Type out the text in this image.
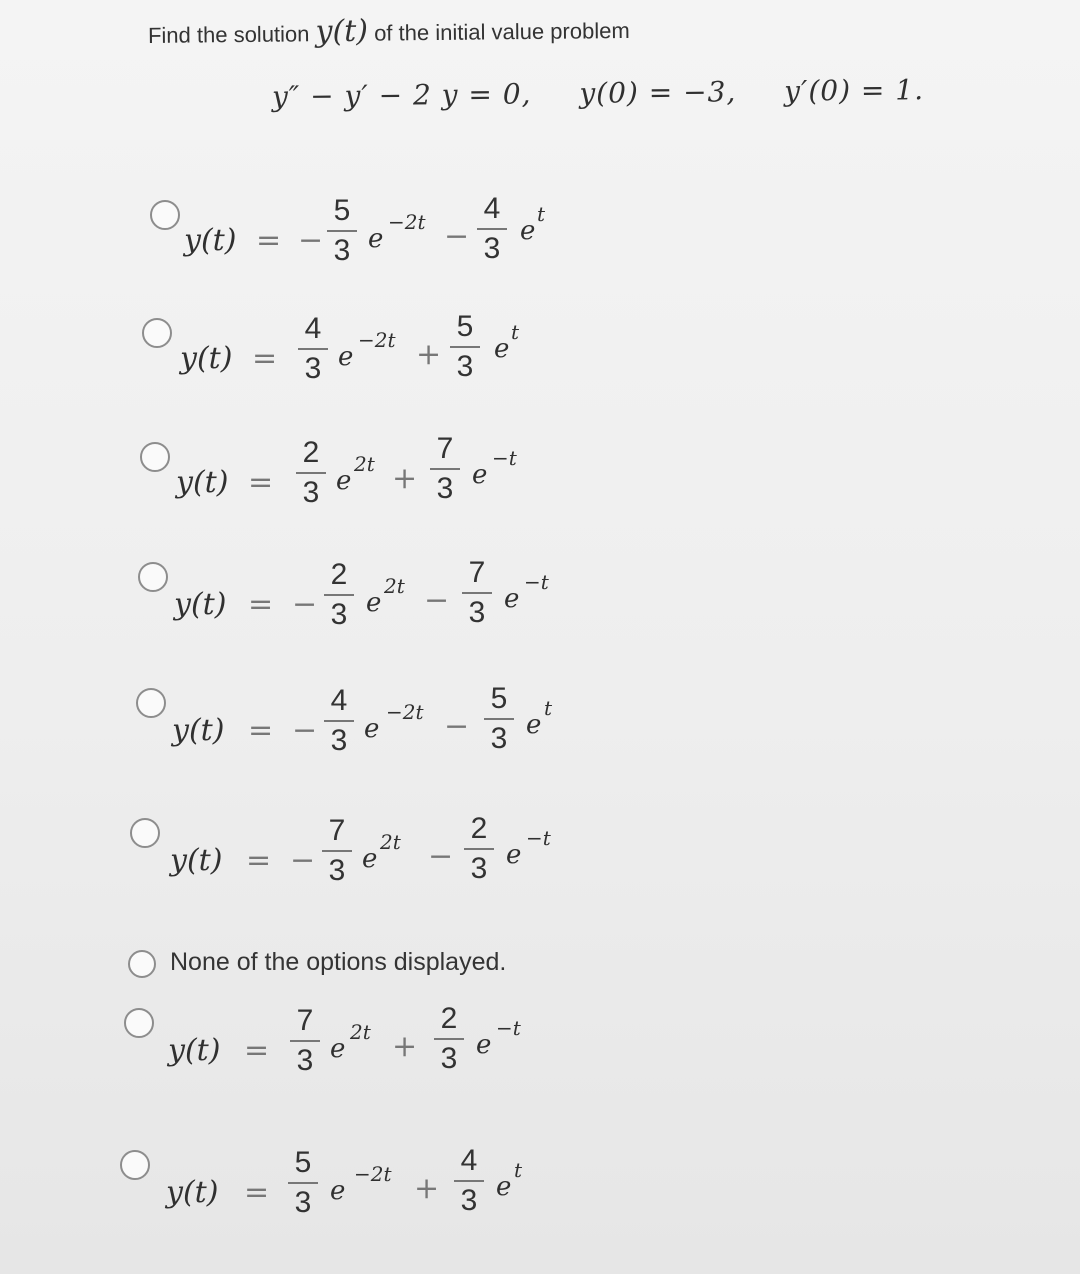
Find the solution y(t) of the initial value problem
y″ − y′ − 2 y = 0, y(0) = −3, y′(0) = 1.
y(t) = −
5
3 e
−2t −
4
3
e
t
y(t) =
4
3 e
−2t +
5
3
e
t
y(t) =
2
3 e
2t +
7
3 e
−t
y(t) = −
2
3 e
2t −
7
3 e
−t
y(t) = −
4
3 e
−2t −
5
3 e
t
y(t) = −
7
3 e
2t −
2
3 e
−t
None of the options displayed.
y(t) =
7
3 e
2t +
2
3 e
−t
y(t) =
5
3 e
−2t +
4
3 e
t
